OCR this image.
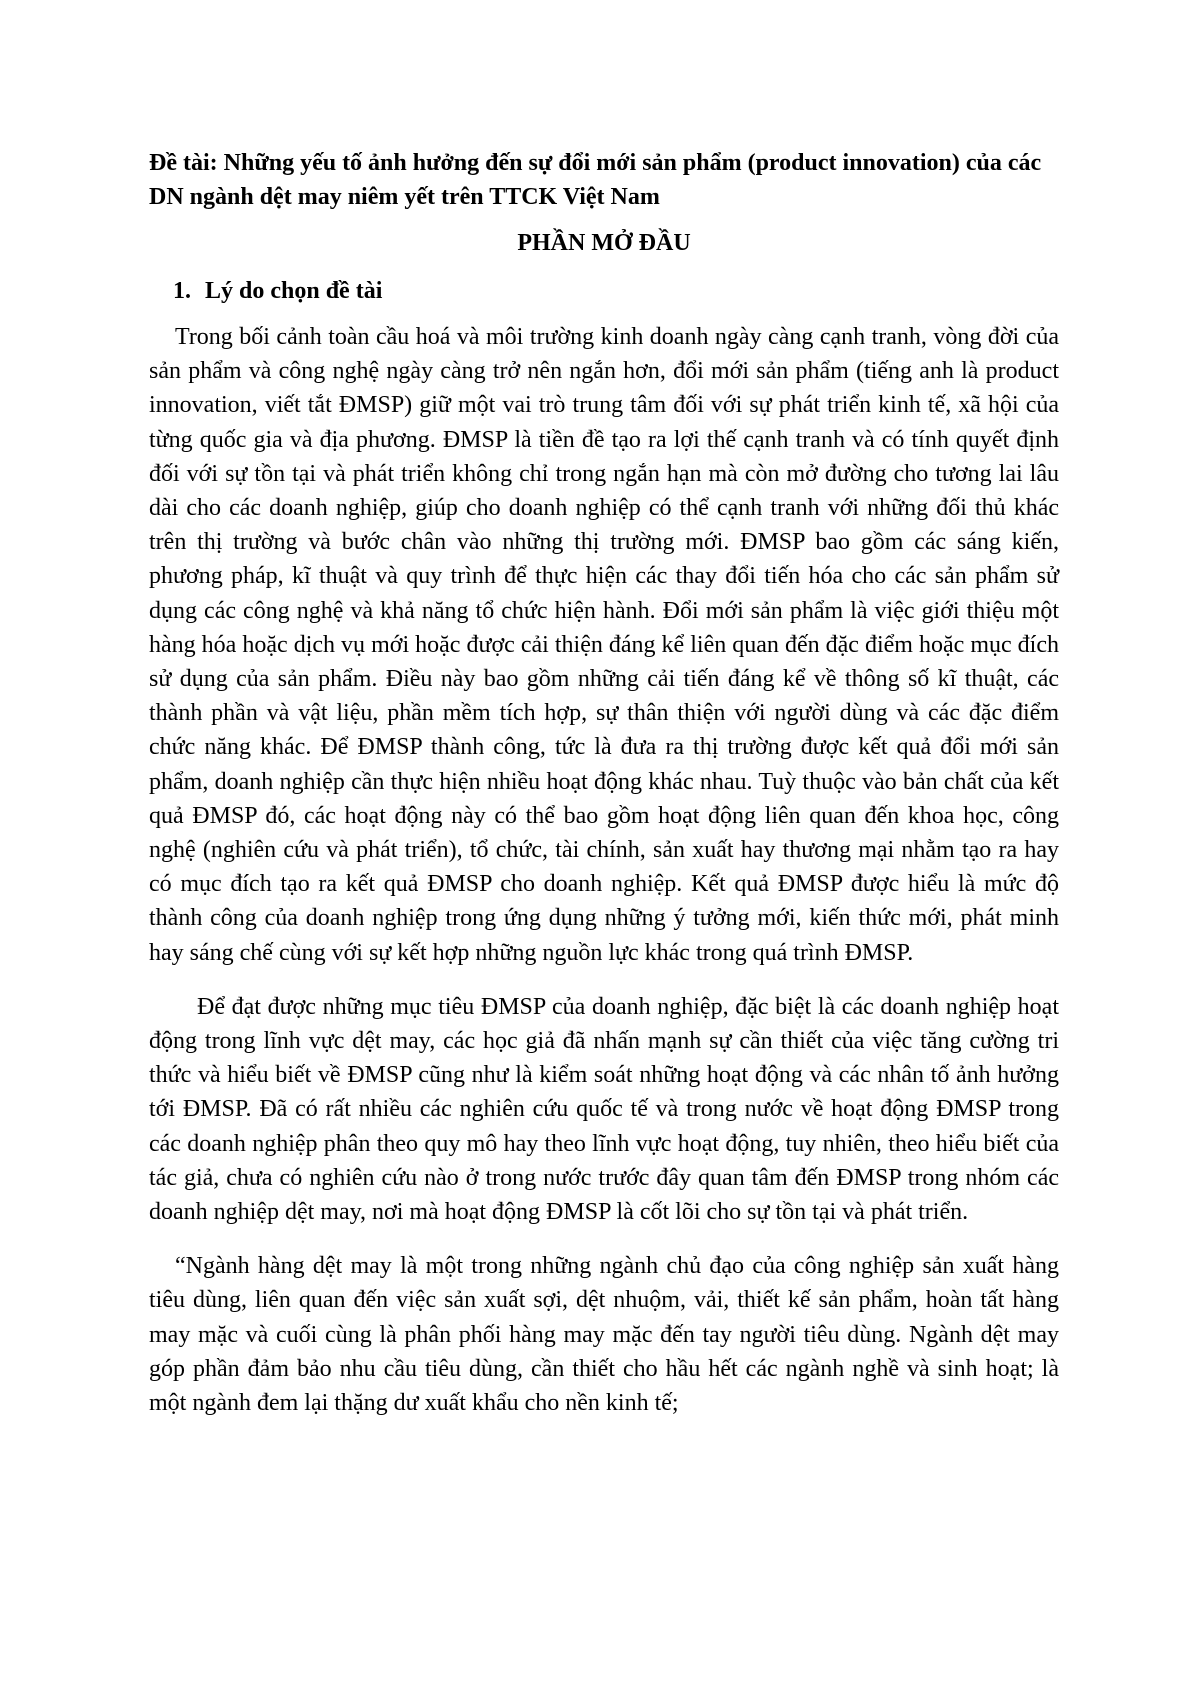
Đề tài: Những yếu tố ảnh hưởng đến sự đổi mới sản phẩm (product innovation) của các DN ngành dệt may niêm yết trên TTCK Việt Nam

PHẦN MỞ ĐẦU

1. Lý do chọn đề tài

Trong bối cảnh toàn cầu hoá và môi trường kinh doanh ngày càng cạnh tranh, vòng đời của sản phẩm và công nghệ ngày càng trở nên ngắn hơn, đổi mới sản phẩm (tiếng anh là product innovation, viết tắt ĐMSP) giữ một vai trò trung tâm đối với sự phát triển kinh tế, xã hội của từng quốc gia và địa phương. ĐMSP là tiền đề tạo ra lợi thế cạnh tranh và có tính quyết định đối với sự tồn tại và phát triển không chỉ trong ngắn hạn mà còn mở đường cho tương lai lâu dài cho các doanh nghiệp, giúp cho doanh nghiệp có thể cạnh tranh với những đối thủ khác trên thị trường và bước chân vào những thị trường mới. ĐMSP bao gồm các sáng kiến, phương pháp, kĩ thuật và quy trình để thực hiện các thay đổi tiến hóa cho các sản phẩm sử dụng các công nghệ và khả năng tổ chức hiện hành. Đổi mới sản phẩm là việc giới thiệu một hàng hóa hoặc dịch vụ mới hoặc được cải thiện đáng kể liên quan đến đặc điểm hoặc mục đích sử dụng của sản phẩm. Điều này bao gồm những cải tiến đáng kể về thông số kĩ thuật, các thành phần và vật liệu, phần mềm tích hợp, sự thân thiện với người dùng và các đặc điểm chức năng khác. Để ĐMSP thành công, tức là đưa ra thị trường được kết quả đổi mới sản phẩm, doanh nghiệp cần thực hiện nhiều hoạt động khác nhau. Tuỳ thuộc vào bản chất của kết quả ĐMSP đó, các hoạt động này có thể bao gồm hoạt động liên quan đến khoa học, công nghệ (nghiên cứu và phát triển), tổ chức, tài chính, sản xuất hay thương mại nhằm tạo ra hay có mục đích tạo ra kết quả ĐMSP cho doanh nghiệp. Kết quả ĐMSP được hiểu là mức độ thành công của doanh nghiệp trong ứng dụng những ý tưởng mới, kiến thức mới, phát minh hay sáng chế cùng với sự kết hợp những nguồn lực khác trong quá trình ĐMSP.

Để đạt được những mục tiêu ĐMSP của doanh nghiệp, đặc biệt là các doanh nghiệp hoạt động trong lĩnh vực dệt may, các học giả đã nhấn mạnh sự cần thiết của việc tăng cường tri thức và hiểu biết về ĐMSP cũng như là kiểm soát những hoạt động và các nhân tố ảnh hưởng tới ĐMSP. Đã có rất nhiều các nghiên cứu quốc tế và trong nước về hoạt động ĐMSP trong các doanh nghiệp phân theo quy mô hay theo lĩnh vực hoạt động, tuy nhiên, theo hiểu biết của tác giả, chưa có nghiên cứu nào ở trong nước trước đây quan tâm đến ĐMSP trong nhóm các doanh nghiệp dệt may, nơi mà hoạt động ĐMSP là cốt lõi cho sự tồn tại và phát triển.

“Ngành hàng dệt may là một trong những ngành chủ đạo của công nghiệp sản xuất hàng tiêu dùng, liên quan đến việc sản xuất sợi, dệt nhuộm, vải, thiết kế sản phẩm, hoàn tất hàng may mặc và cuối cùng là phân phối hàng may mặc đến tay người tiêu dùng. Ngành dệt may góp phần đảm bảo nhu cầu tiêu dùng, cần thiết cho hầu hết các ngành nghề và sinh hoạt; là một ngành đem lại thặng dư xuất khẩu cho nền kinh tế;
